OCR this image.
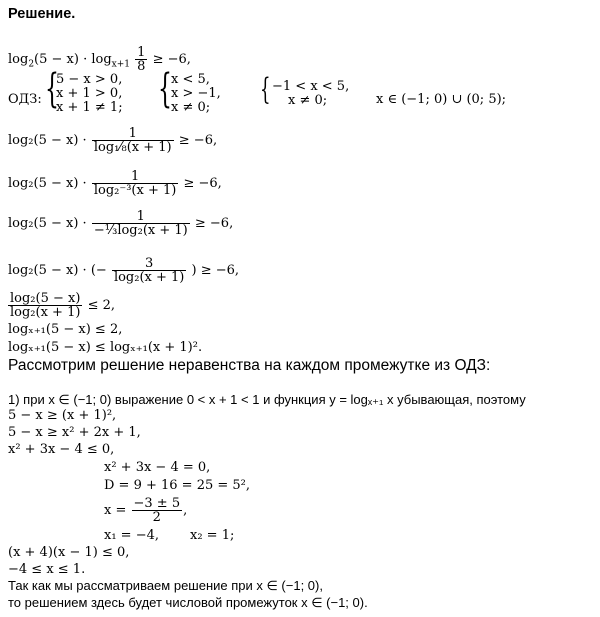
Решение.
$\log_2(5 - x) \cdot \log_{x+1} \frac{1}{8} \ge -6$,
ОДЗ: {
5 − x > 0,
x + 1 > 0,
x + 1 ≠ 1; { x < 5,
x > −1,
x ≠ 0;
{ −1 < x < 5,
x ≠ 0;	x ∈ (−1; 0) ∪ (0; 5);
$\log_2(5 - x) \cdot \frac{1}{\text{log₁⁄₈(x + 1)}} \ge -6$,
$\log_2(5 - x) \cdot \frac{1}{\text{log₂⁻³(x + 1)}} \ge -6$,
$\log_2(5 - x) \cdot \frac{1}{\text{−⅓log₂(x + 1)}} \ge -6$,
log₂(5 − x) · (− $\frac{3}{\text{log₂(x + 1)}}$ ) ≥ −6,
$\frac{\text{log₂(5 − x)}}{\text{log₂(x + 1)}} \le 2$,
logₓ₊₁(5 − x) ≤ 2,
logₓ₊₁(5 − x) ≤ logₓ₊₁(x + 1)².
Рассмотрим решение неравенства на каждом промежутке из ОДЗ:
1) при x ∈ (−1; 0) выражение 0 < x + 1 < 1 и функция y = logₓ₊₁ x убывающая, поэтому
5 − x ≥ (x + 1)²,
5 − x ≥ x² + 2x + 1,
x² + 3x − 4 ≤ 0,
x² + 3x − 4 = 0,
D = 9 + 16 = 25 = 5²,
$x = \frac{-3 \pm 5}{2}$ ,
x₁ = −4, x₂ = 1;
(x + 4)(x − 1) ≤ 0,
−4 ≤ x ≤ 1.
Так как мы рассматриваем решение при x ∈ (−1; 0),
то решением здесь будет числовой промежуток x ∈ (−1; 0).
